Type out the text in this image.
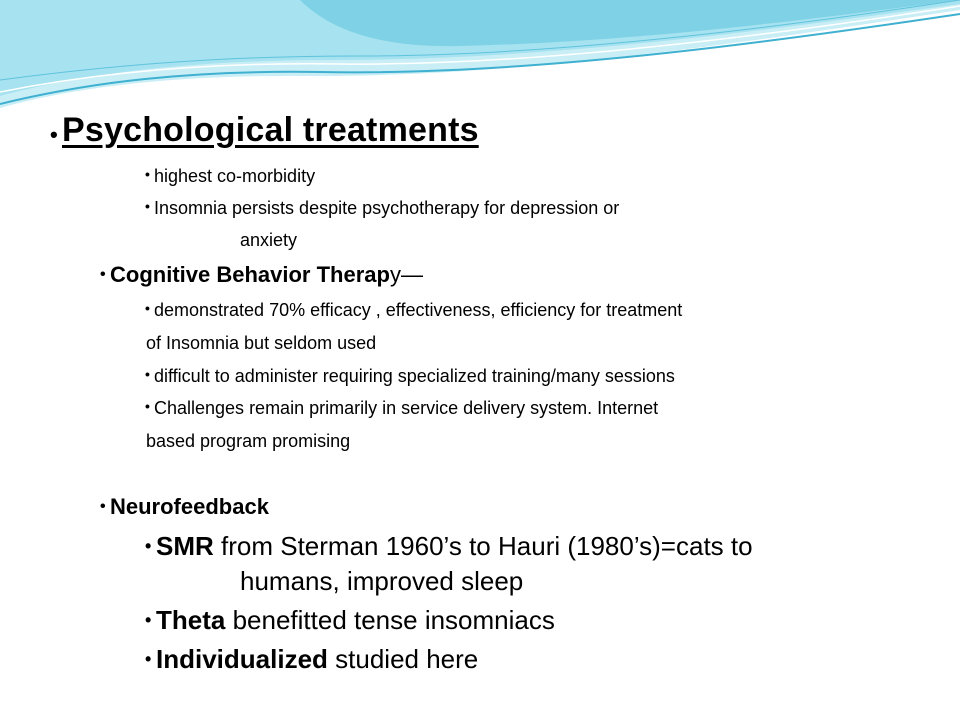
• Psychological treatments
• highest co-morbidity
• Insomnia persists despite psychotherapy for depression or
anxiety
• Cognitive Behavior Therapy—
• demonstrated 70% efficacy , effectiveness, efficiency for treatment
of Insomnia but seldom used
• difficult to administer requiring specialized training/many sessions
• Challenges remain primarily in service delivery system. Internet
based program promising
• Neurofeedback
• SMR from Sterman 1960’s to Hauri (1980’s)=cats to
humans, improved sleep
• Theta benefitted tense insomniacs
• Individualized studied here
